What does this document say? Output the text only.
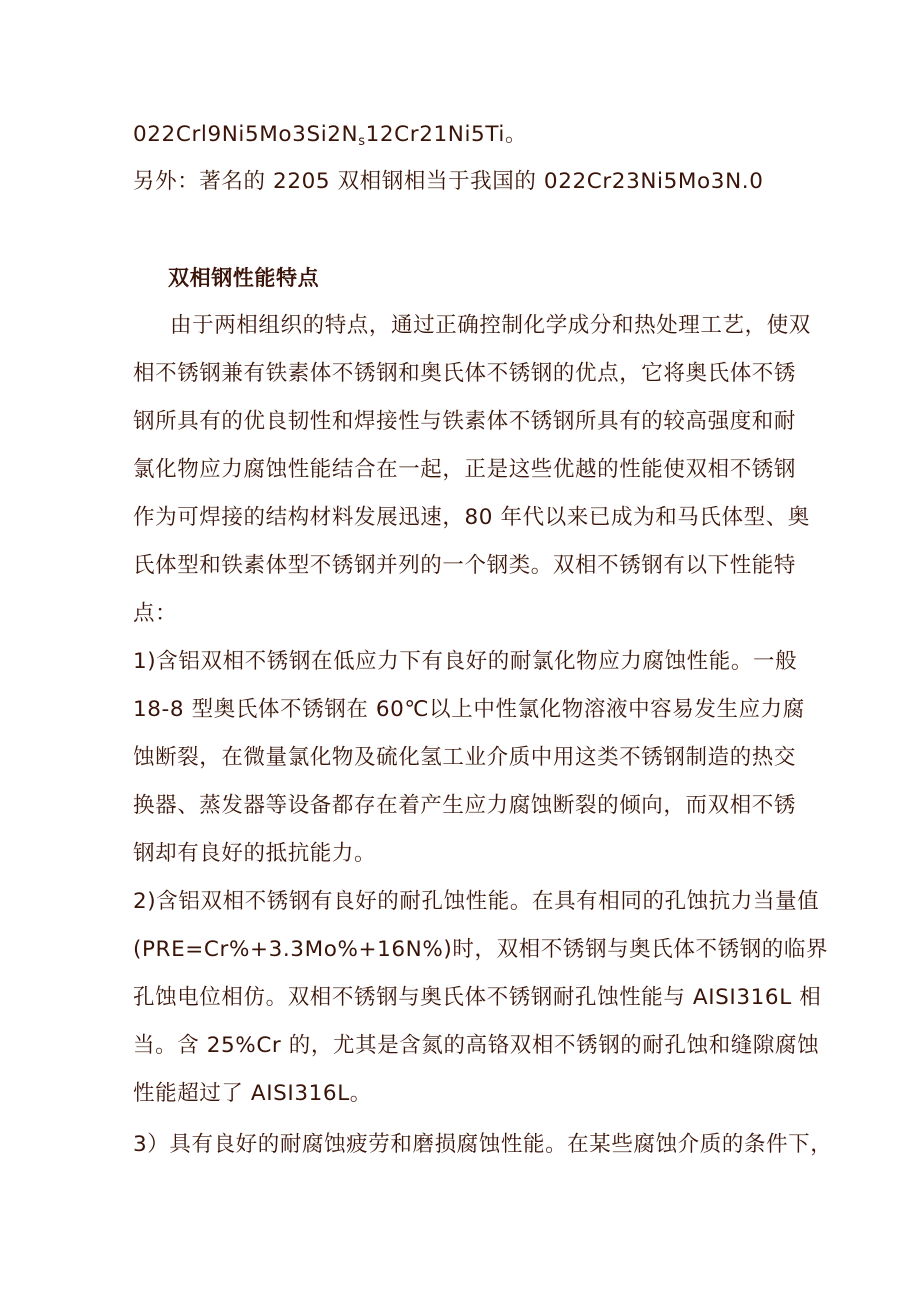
$022Crl9Ni5Mo3Si2N_s12Cr21Ni5Ti$。
另外：著名的 2205 双相钢相当于我国的 022Cr23Ni5Mo3N.0
双相钢性能特点
由于两相组织的特点，通过正确控制化学成分和热处理工艺，使双
相不锈钢兼有铁素体不锈钢和奥氏体不锈钢的优点，它将奥氏体不锈
钢所具有的优良韧性和焊接性与铁素体不锈钢所具有的较高强度和耐
氯化物应力腐蚀性能结合在一起，正是这些优越的性能使双相不锈钢
作为可焊接的结构材料发展迅速，80 年代以来已成为和马氏体型、奥
氏体型和铁素体型不锈钢并列的一个钢类。双相不锈钢有以下性能特
点：
1)含铝双相不锈钢在低应力下有良好的耐氯化物应力腐蚀性能。一般
18-8 型奥氏体不锈钢在 60℃以上中性氯化物溶液中容易发生应力腐
蚀断裂，在微量氯化物及硫化氢工业介质中用这类不锈钢制造的热交
换器、蒸发器等设备都存在着产生应力腐蚀断裂的倾向，而双相不锈
钢却有良好的抵抗能力。
2)含铝双相不锈钢有良好的耐孔蚀性能。在具有相同的孔蚀抗力当量值
(PRE=Cr%+3.3Mo%+16N%)时，双相不锈钢与奥氏体不锈钢的临界
孔蚀电位相仿。双相不锈钢与奥氏体不锈钢耐孔蚀性能与 AISI316L 相
当。含 25%Cr 的，尤其是含氮的高铬双相不锈钢的耐孔蚀和缝隙腐蚀
性能超过了 AISI316L。
3）具有良好的耐腐蚀疲劳和磨损腐蚀性能。在某些腐蚀介质的条件下，
